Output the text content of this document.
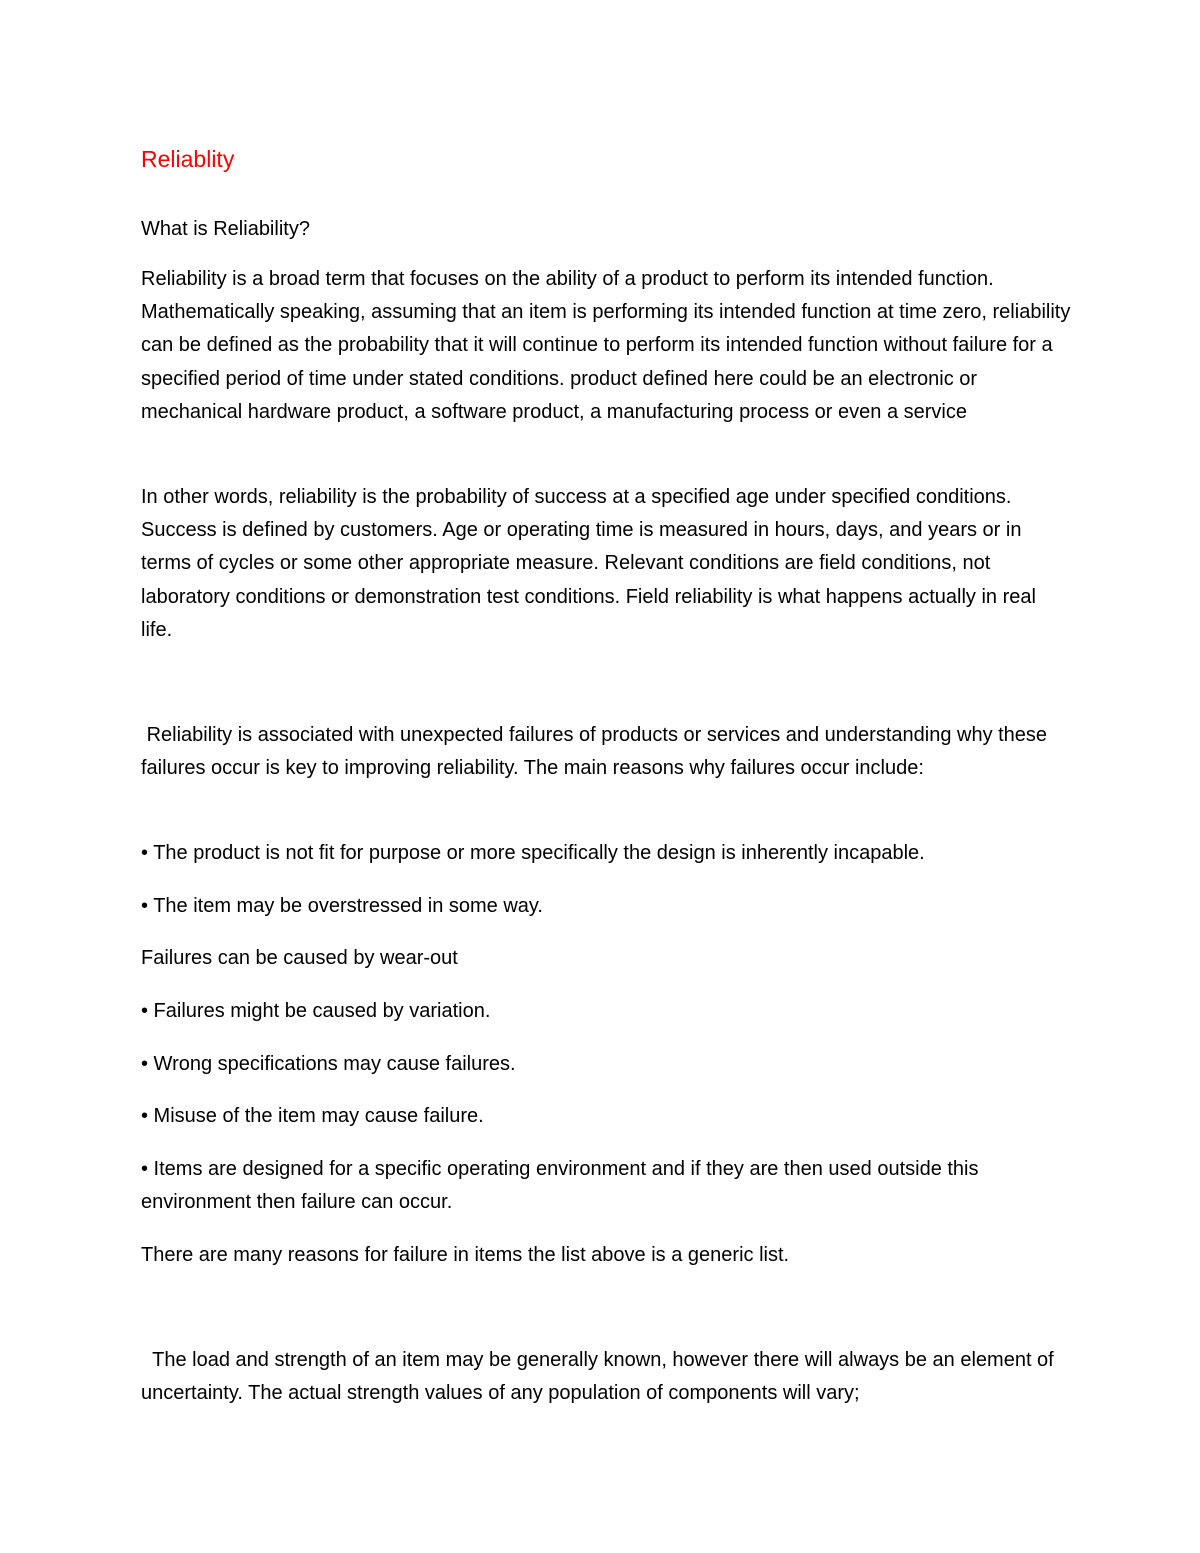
Reliablity

What is Reliability?

Reliability is a broad term that focuses on the ability of a product to perform its intended function. Mathematically speaking, assuming that an item is performing its intended function at time zero, reliability can be defined as the probability that it will continue to perform its intended function without failure for a specified period of time under stated conditions. product defined here could be an electronic or mechanical hardware product, a software product, a manufacturing process or even a service

In other words, reliability is the probability of success at a specified age under specified conditions. Success is defined by customers. Age or operating time is measured in hours, days, and years or in terms of cycles or some other appropriate measure. Relevant conditions are field conditions, not laboratory conditions or demonstration test conditions. Field reliability is what happens actually in real life.

Reliability is associated with unexpected failures of products or services and understanding why these failures occur is key to improving reliability. The main reasons why failures occur include:

• The product is not fit for purpose or more specifically the design is inherently incapable.

• The item may be overstressed in some way.

Failures can be caused by wear-out

• Failures might be caused by variation.

• Wrong specifications may cause failures.

• Misuse of the item may cause failure.

• Items are designed for a specific operating environment and if they are then used outside this environment then failure can occur.

There are many reasons for failure in items the list above is a generic list.

The load and strength of an item may be generally known, however there will always be an element of uncertainty. The actual strength values of any population of components will vary;
